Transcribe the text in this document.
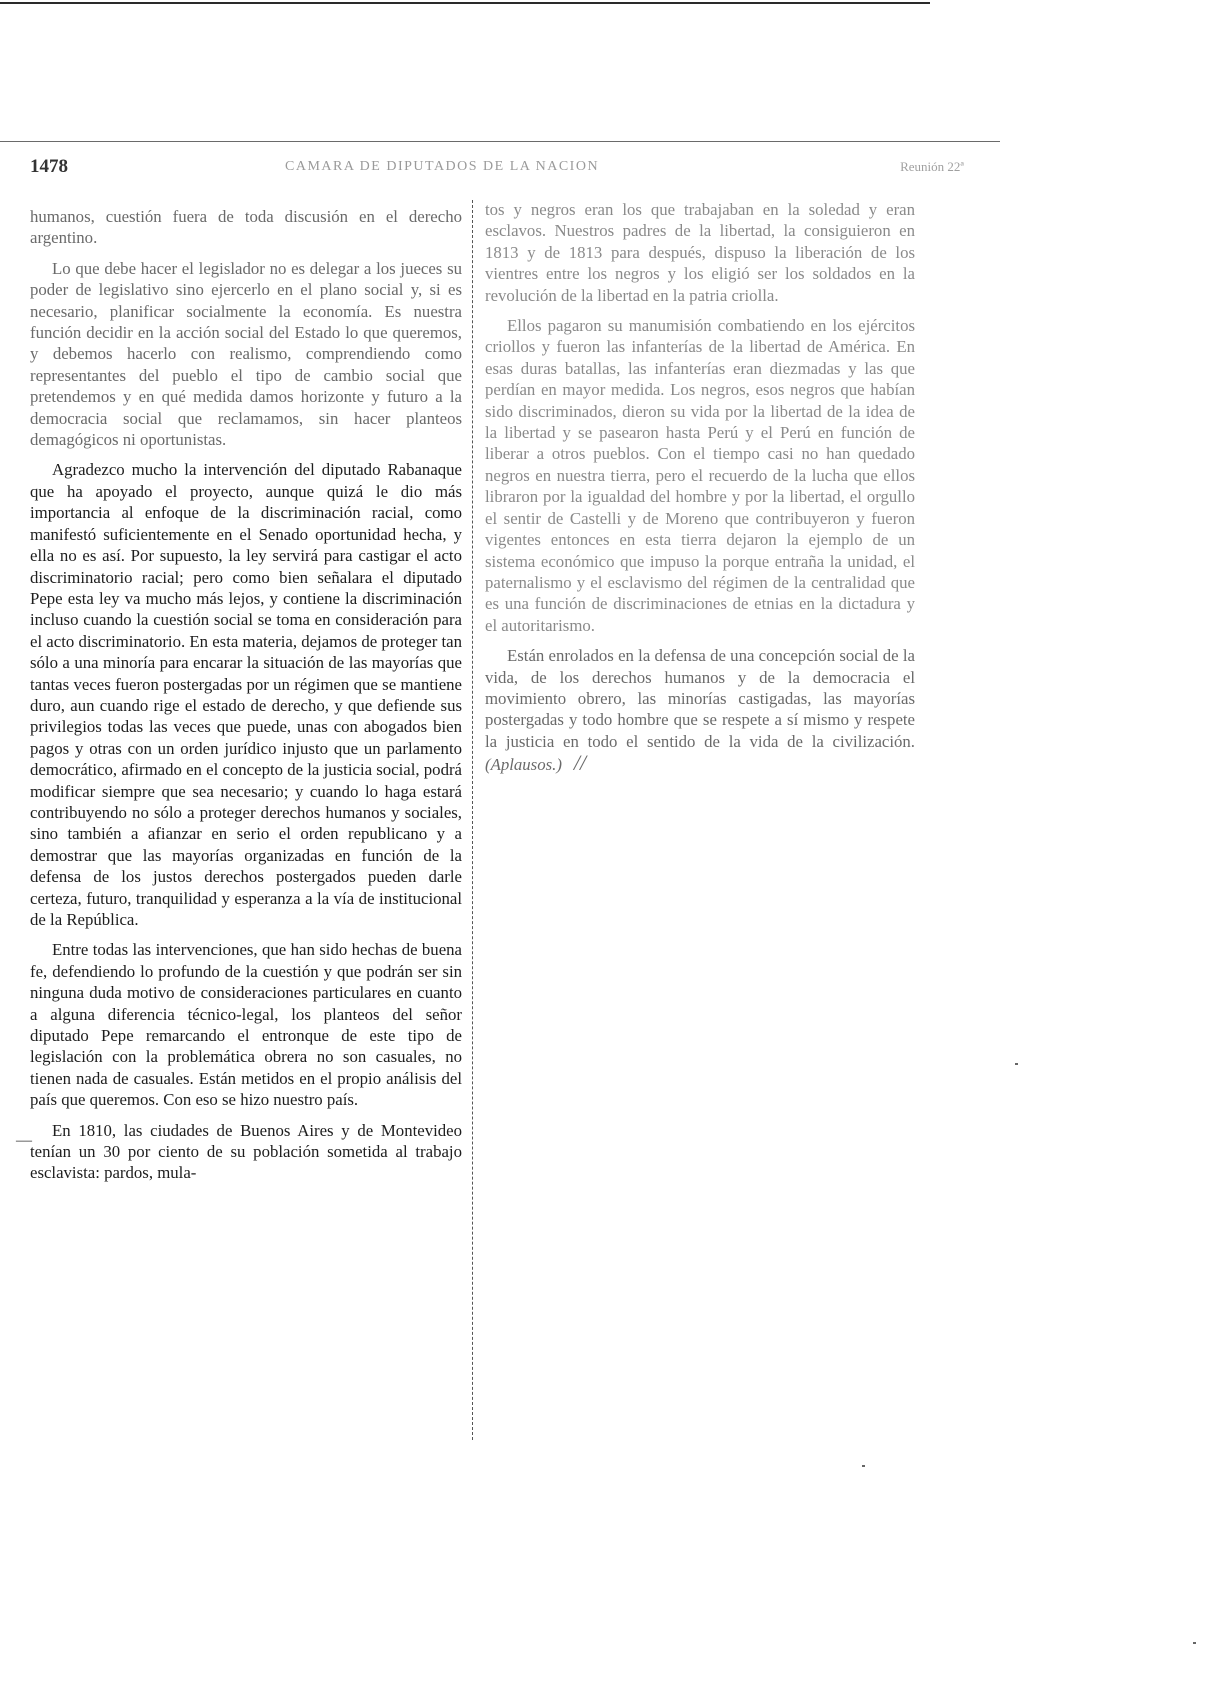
1478	CAMARA DE DIPUTADOS DE LA NACION	Reunión 22ª
—

humanos, cuestión fuera de toda discusión en el derecho argentino.

Lo que debe hacer el legislador no es delegar a los jueces su poder de legislativo sino ejercerlo en el plano social y, si es necesario, planificar socialmente la economía. Es nuestra función decidir en la acción social del Estado lo que queremos, y debemos hacerlo con realismo, comprendiendo como representantes del pueblo el tipo de cambio social que pretendemos y en qué medida damos horizonte y futuro a la democracia social que reclamamos, sin hacer planteos demagógicos ni oportunistas.

Agradezco mucho la intervención del diputado Rabanaque que ha apoyado el proyecto, aunque quizá le dio más importancia al enfoque de la discriminación racial, como manifestó suficientemente en el Senado oportunidad hecha, y ella no es así. Por supuesto, la ley servirá para castigar el acto discriminatorio racial; pero como bien señalara el diputado Pepe esta ley va mucho más lejos, y contiene la discriminación incluso cuando la cuestión social se toma en consideración para el acto discriminatorio. En esta materia, dejamos de proteger tan sólo a una minoría para encarar la situación de las mayorías que tantas veces fueron postergadas por un régimen que se mantiene duro, aun cuando rige el estado de derecho, y que defiende sus privilegios todas las veces que puede, unas con abogados bien pagos y otras con un orden jurídico injusto que un parlamento democrático, afirmado en el concepto de la justicia social, podrá modificar siempre que sea necesario; y cuando lo haga estará contribuyendo no sólo a proteger derechos humanos y sociales, sino también a afianzar en serio el orden republicano y a demostrar que las mayorías organizadas en función de la defensa de los justos derechos postergados pueden darle certeza, futuro, tranquilidad y esperanza a la vía de institucional de la República.

Entre todas las intervenciones, que han sido hechas de buena fe, defendiendo lo profundo de la cuestión y que podrán ser sin ninguna duda motivo de consideraciones particulares en cuanto a alguna diferencia técnico-legal, los planteos del señor diputado Pepe remarcando el entronque de este tipo de legislación con la problemática obrera no son casuales, no tienen nada de casuales. Están metidos en el propio análisis del país que queremos. Con eso se hizo nuestro país.

En 1810, las ciudades de Buenos Aires y de Montevideo tenían un 30 por ciento de su población sometida al trabajo esclavista: pardos, mula-

tos y negros eran los que trabajaban en la soledad y eran esclavos. Nuestros padres de la libertad, la consiguieron en 1813 y de 1813 para después, dispuso la liberación de los vientres entre los negros y los eligió ser los soldados en la revolución de la libertad en la patria criolla.

Ellos pagaron su manumisión combatiendo en los ejércitos criollos y fueron las infanterías de la libertad de América. En esas duras batallas, las infanterías eran diezmadas y las que perdían en mayor medida. Los negros, esos negros que habían sido discriminados, dieron su vida por la libertad de la idea de la libertad y se pasearon hasta Perú y el Perú en función de liberar a otros pueblos. Con el tiempo casi no han quedado negros en nuestra tierra, pero el recuerdo de la lucha que ellos libraron por la igualdad del hombre y por la libertad, el orgullo el sentir de Castelli y de Moreno que contribuyeron y fueron vigentes entonces en esta tierra dejaron la ejemplo de un sistema económico que impuso la porque entraña la unidad, el paternalismo y el esclavismo del régimen de la centralidad que es una función de discriminaciones de etnias en la dictadura y el autoritarismo.

Están enrolados en la defensa de una concepción social de la vida, de los derechos humanos y de la democracia el movimiento obrero, las minorías castigadas, las mayorías postergadas y todo hombre que se respete a sí mismo y respete la justicia en todo el sentido de la vida de la civilización. (Aplausos.) //
